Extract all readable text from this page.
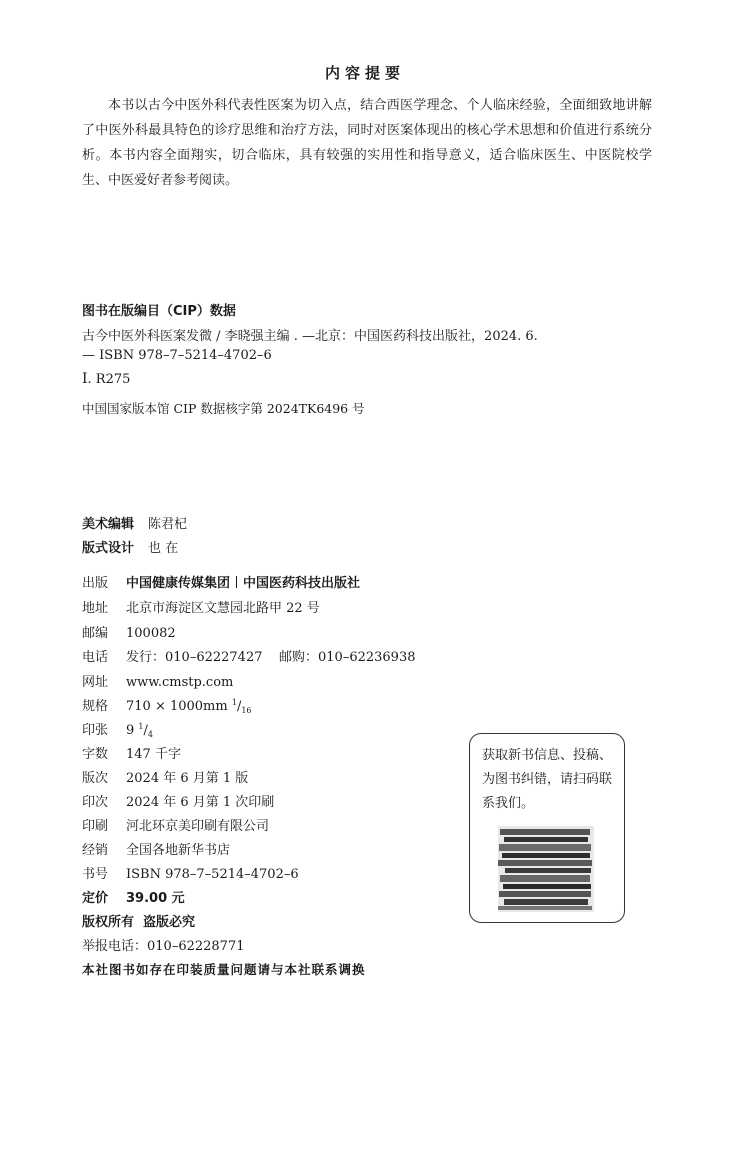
内容提要

本书以古今中医外科代表性医案为切入点，结合西医学理念、个人临床经验，全面细致地讲解了中医外科最具特色的诊疗思维和治疗方法，同时对医案体现出的核心学术思想和价值进行系统分析。本书内容全面翔实，切合临床，具有较强的实用性和指导意义，适合临床医生、中医院校学生、中医爱好者参考阅读。

图书在版编目（CIP）数据
古今中医外科医案发微 / 李晓强主编 . —北京：中国医药科技出版社，2024. 6.
— ISBN 978–7–5214–4702–6
Ⅰ. R275
中国国家版本馆 CIP 数据核字第 2024TK6496 号
美术编辑 陈君杞
版式设计 也 在
出版 中国健康传媒集团 中国医药科技出版社
地址 北京市海淀区文慧园北路甲 22 号
邮编 100082
电话 发行：010–62227427    邮购：010–62236938
网址 www.cmstp.com
规格 710 × 1000mm $^1/_{16}$
印张 9 $^1/_4$
字数 147 千字
版次 2024 年 6 月第 1 版
印次 2024 年 6 月第 1 次印刷
印刷 河北环京美印刷有限公司
经销 全国各地新华书店
书号 ISBN 978–7–5214–4702–6
定价 39.00 元
版权所有  盗版必究
举报电话：010–62228771
本社图书如存在印装质量问题请与本社联系调换
获取新书信息、投稿、为图书纠错，请扫码联系我们。
